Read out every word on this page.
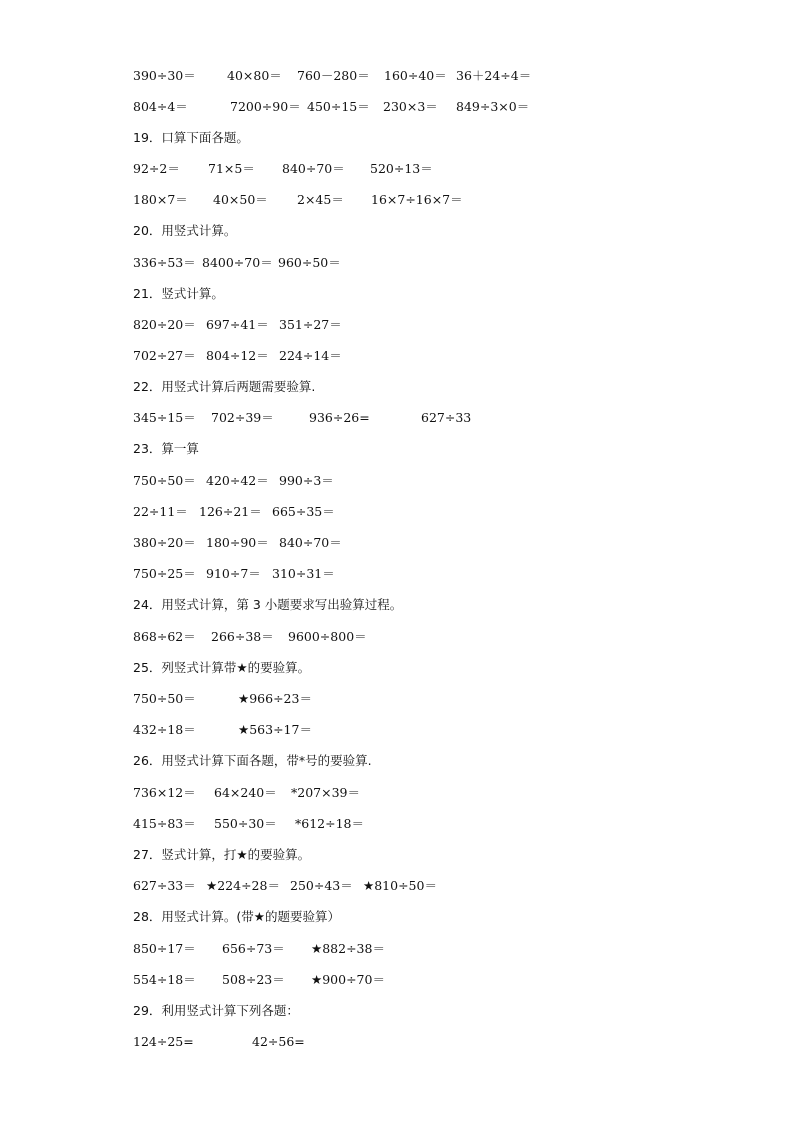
390÷30＝	40×80＝ 760－280＝ 160÷40＝ 36＋24÷4＝
804÷4＝	7200÷90＝ 450÷15＝ 230×3＝ 849÷3×0＝
19．口算下面各题。
92÷2＝ 71×5＝ 840÷70＝ 520÷13＝
180×7＝ 40×50＝ 2×45＝ 16×7÷16×7＝
20．用竖式计算。
336÷53＝ 8400÷70＝ 960÷50＝
21．竖式计算。
820÷20＝ 697÷41＝ 351÷27＝
702÷27＝ 804÷12＝ 224÷14＝
22．用竖式计算后两题需要验算.
345÷15＝ 702÷39＝	936÷26=	627÷33
23．算一算
750÷50＝ 420÷42＝ 990÷3＝
22÷11＝ 126÷21＝ 665÷35＝
380÷20＝ 180÷90＝ 840÷70＝
750÷25＝ 910÷7＝ 310÷31＝
24．用竖式计算，第 3 小题要求写出验算过程。
868÷62＝ 266÷38＝ 9600÷800＝
25．列竖式计算带★的要验算。
750÷50＝	★966÷23＝
432÷18＝	★563÷17＝
26．用竖式计算下面各题，带*号的要验算.
736×12＝ 64×240＝ *207×39＝
415÷83＝ 550÷30＝ *612÷18＝
27．竖式计算，打★的要验算。
627÷33＝ ★224÷28＝ 250÷43＝ ★810÷50＝
28．用竖式计算。(带★的题要验算）
850÷17＝ 656÷73＝ ★882÷38＝
554÷18＝ 508÷23＝ ★900÷70＝
29．利用竖式计算下列各题：
124÷25=	42÷56=
